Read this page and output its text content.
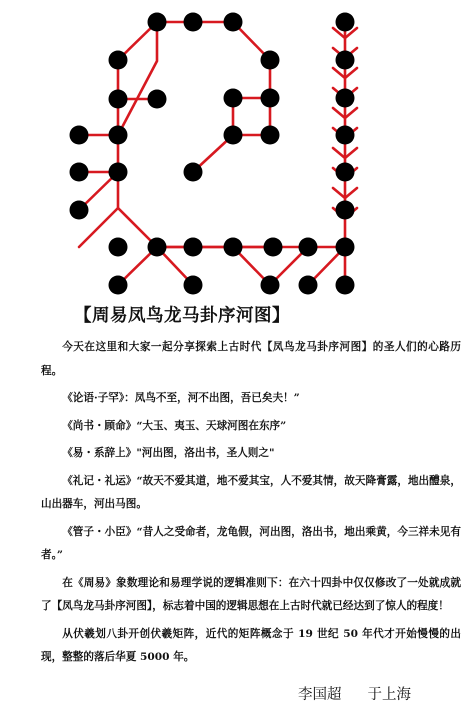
【周易凤鸟龙马卦序河图】

今天在这里和大家一起分享探索上古时代【凤鸟龙马卦序河图】的圣人们的心路历程。

《论语·子罕》：凤鸟不至，河不出图，吾已矣夫！”

《尚书・顾命》“大玉、夷玉、天球河图在东序”

《易・系辞上》"河出图，洛出书，圣人则之"

《礼记・礼运》“故天不爱其道，地不爱其宝，人不爱其情，故天降膏露，地出醴泉，山出器车，河出马图。

《管子・小臣》“昔人之受命者，龙龟假，河出图，洛出书，地出乘黄，今三祥未见有者。”

在《周易》象数理论和易理学说的逻辑准则下：在六十四卦中仅仅修改了一处就成就了【凤鸟龙马卦序河图】，标志着中国的逻辑思想在上古时代就已经达到了惊人的程度！

从伏羲划八卦开创伏羲矩阵，近代的矩阵概念于 19 世纪 50 年代才开始慢慢的出现，整整的落后华夏 5000 年。

李国超 于上海
